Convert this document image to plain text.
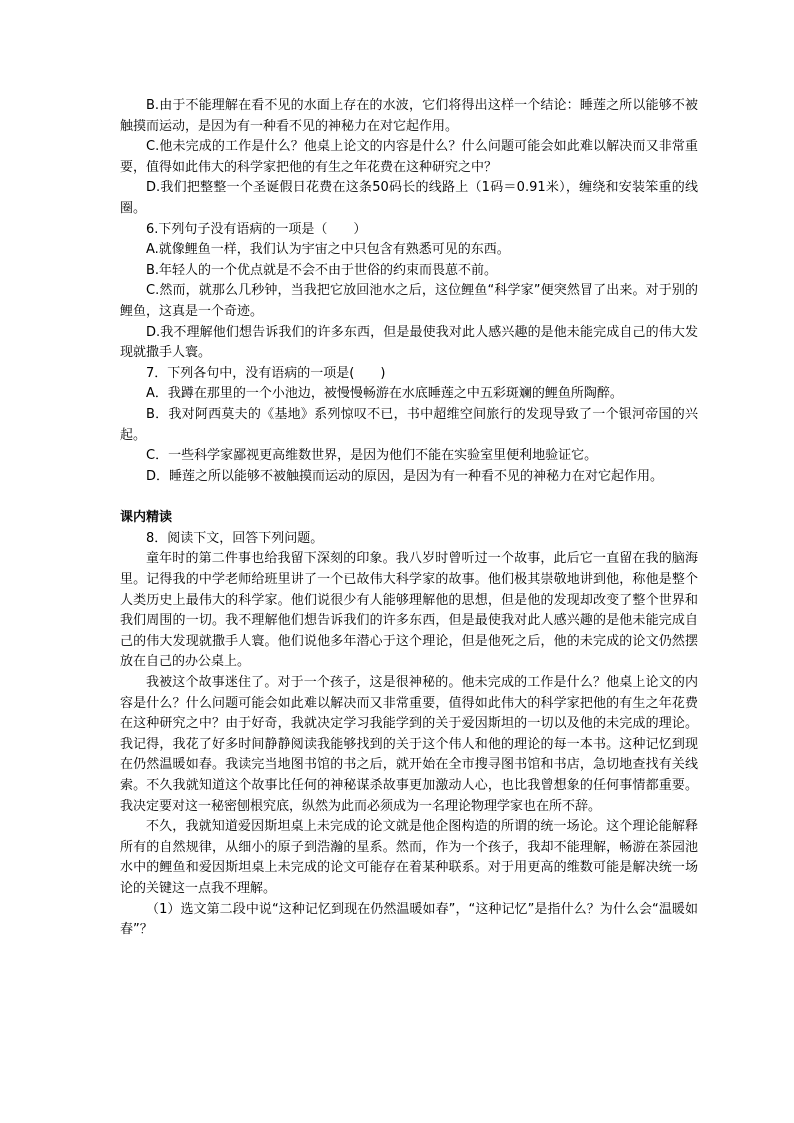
B.由于不能理解在看不见的水面上存在的水波，它们将得出这样一个结论：睡莲之所以能够不被触摸而运动，是因为有一种看不见的神秘力在对它起作用。

C.他未完成的工作是什么？他桌上论文的内容是什么？什么问题可能会如此难以解决而又非常重要，值得如此伟大的科学家把他的有生之年花费在这种研究之中？

D.我们把整整一个圣诞假日花费在这条50码长的线路上（1码＝0.91米），缠绕和安装笨重的线圈。

6.下列句子没有语病的一项是（　　）

A.就像鲤鱼一样，我们认为宇宙之中只包含有熟悉可见的东西。

B.年轻人的一个优点就是不会不由于世俗的约束而畏葸不前。

C.然而，就那么几秒钟，当我把它放回池水之后，这位鲤鱼“科学家”便突然冒了出来。对于别的鲤鱼，这真是一个奇迹。

D.我不理解他们想告诉我们的许多东西，但是最使我对此人感兴趣的是他未能完成自己的伟大发现就撒手人寰。

7．下列各句中，没有语病的一项是(　　)

A．我蹲在那里的一个小池边，被慢慢畅游在水底睡莲之中五彩斑斓的鲤鱼所陶醉。

B．我对阿西莫夫的《基地》系列惊叹不已，书中超维空间旅行的发现导致了一个银河帝国的兴起。

C．一些科学家鄙视更高维数世界，是因为他们不能在实验室里便利地验证它。

D．睡莲之所以能够不被触摸而运动的原因，是因为有一种看不见的神秘力在对它起作用。

课内精读

8．阅读下文，回答下列问题。

童年时的第二件事也给我留下深刻的印象。我八岁时曾听过一个故事，此后它一直留在我的脑海里。记得我的中学老师给班里讲了一个已故伟大科学家的故事。他们极其崇敬地讲到他，称他是整个人类历史上最伟大的科学家。他们说很少有人能够理解他的思想，但是他的发现却改变了整个世界和我们周围的一切。我不理解他们想告诉我们的许多东西，但是最使我对此人感兴趣的是他未能完成自己的伟大发现就撒手人寰。他们说他多年潜心于这个理论，但是他死之后，他的未完成的论文仍然摆放在自己的办公桌上。

我被这个故事迷住了。对于一个孩子，这是很神秘的。他未完成的工作是什么？他桌上论文的内容是什么？什么问题可能会如此难以解决而又非常重要，值得如此伟大的科学家把他的有生之年花费在这种研究之中？由于好奇，我就决定学习我能学到的关于爱因斯坦的一切以及他的未完成的理论。我记得，我花了好多时间静静阅读我能够找到的关于这个伟人和他的理论的每一本书。这种记忆到现在仍然温暖如春。我读完当地图书馆的书之后，就开始在全市搜寻图书馆和书店，急切地查找有关线索。不久我就知道这个故事比任何的神秘谋杀故事更加激动人心，也比我曾想象的任何事情都重要。我决定要对这一秘密刨根究底，纵然为此而必须成为一名理论物理学家也在所不辞。

不久，我就知道爱因斯坦桌上未完成的论文就是他企图构造的所谓的统一场论。这个理论能解释所有的自然规律，从细小的原子到浩瀚的星系。然而，作为一个孩子，我却不能理解，畅游在茶园池水中的鲤鱼和爱因斯坦桌上未完成的论文可能存在着某种联系。对于用更高的维数可能是解决统一场论的关键这一点我不理解。

（1）选文第二段中说“这种记忆到现在仍然温暖如春”，“这种记忆”是指什么？为什么会“温暖如春”？
